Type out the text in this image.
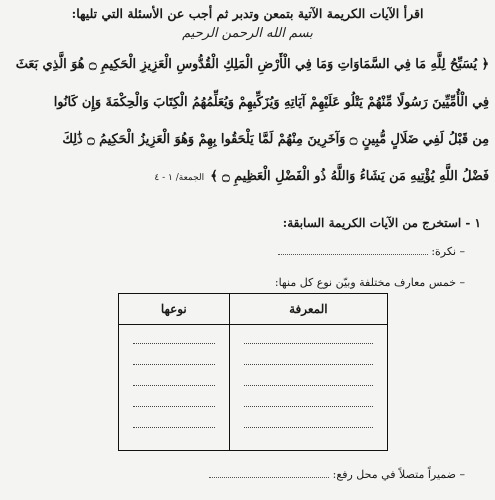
اقرأ الآيات الكريمة الآتية بتمعن وتدبر ثم أجب عن الأسئلة التي تليها:
بسم الله الرحمن الرحيم
﴿ يُسَبِّحُ لِلَّهِ مَا فِي السَّمَاوَاتِ وَمَا فِي الْأَرْضِ الْمَلِكِ الْقُدُّوسِ الْعَزِيزِ الْحَكِيمِ ۝ هُوَ الَّذِي بَعَثَ
فِي الْأُمِّيِّينَ رَسُولًا مِّنْهُمْ يَتْلُو عَلَيْهِمْ آيَاتِهِ وَيُزَكِّيهِمْ وَيُعَلِّمُهُمُ الْكِتَابَ وَالْحِكْمَةَ وَإِن كَانُوا
مِن قَبْلُ لَفِي ضَلَالٍ مُّبِينٍ ۝ وَآخَرِينَ مِنْهُمْ لَمَّا يَلْحَقُوا بِهِمْ وَهُوَ الْعَزِيزُ الْحَكِيمُ ۝ ذَٰلِكَ
فَضْلُ اللَّهِ يُؤْتِيهِ مَن يَشَاءُ وَاللَّهُ ذُو الْفَضْلِ الْعَظِيمِ ۝ ﴾الجمعة/ ١ - ٤
١ - استخرج من الآيات الكريمة السابقة:
– نكرة:
– خمس معارف مختلفة وبيّن نوع كل منها:
المعرفة	نوعها

– ضميراً متصلاً في محل رفع:
